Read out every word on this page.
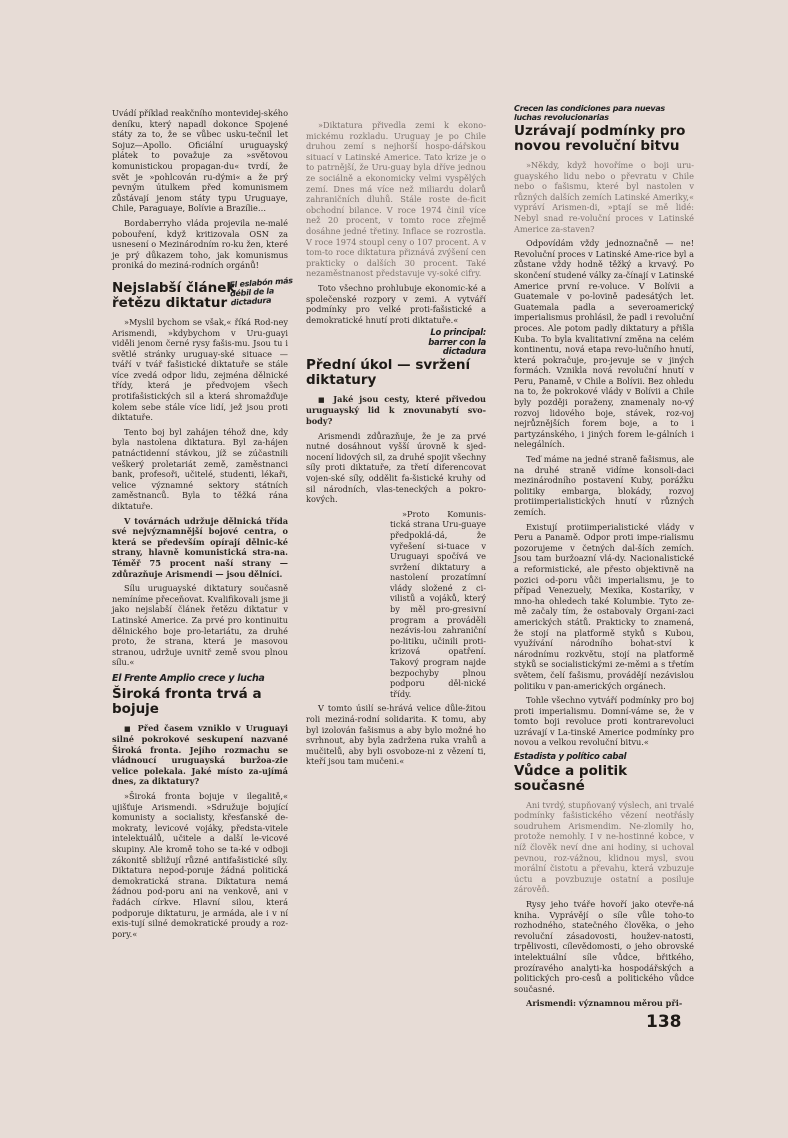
Uvádí příklad reakčního montevidej-ského deníku, který napadl dokonce Spojené státy za to, že se vůbec usku-tečnil let Sojuz—Apollo. Oficiální uruguayský plátek to považuje za »světovou komunistickou propagan-du« tvrdí, že svět je »pohlcován ru-dými« a že prý pevným útulkem před komunismem zůstávají jenom státy typu Uruguaye, Chile, Paraguaye, Bolívie a Brazílie…

Bordaberryho vláda projevila ne-malé pobouření, když kritizovala OSN za usnesení o Mezinárodním ro-ku žen, které je prý důkazem toho, jak komunismus proniká do meziná-rodních orgánů!

Nejslabší článek řetězu diktatur
El eslabón más débil de la dictadura

»Myslil bychom se však,« říká Rod-ney Arismendi, »kdybychom v Uru-guayi viděli jenom černé rysy fašis-mu. Jsou tu i světlé stránky uruguay-ské situace — tváří v tvář fašistické diktatuře se stále více zvedá odpor lidu, zejména dělnické třídy, která je předvojem všech protifašistických sil a která shromažďuje kolem sebe stále více lidí, jež jsou proti diktatuře.

Tento boj byl zahájen téhož dne, kdy byla nastolena diktatura. Byl za-hájen patnáctidenní stávkou, jíž se zúčastnili veškerý proletariát země, zaměstnanci bank, profesoři, učitelé, studenti, lékaři, velice významné sektory státních zaměstnanců. Byla to těžká rána diktatuře.

V továrnách udržuje dělnická třída své nejvýznamnější bojové centra, o která se především opírají dělnic-ké strany, hlavně komunistická stra-na. Téměř 75 procent naší strany — zdůrazňuje Arismendi — jsou dělníci.

Sílu uruguayské diktatury současně nemíníme přeceňovat. Kvalifikovali jsme ji jako nejslabší článek řetězu diktatur v Latinské Americe. Za prvé pro kontinuitu dělnického boje pro-letariátu, za druhé proto, že strana, která je masovou stranou, udržuje uvnitř země svou plnou sílu.«

El Frente Amplio crece y lucha
Široká fronta trvá a bojuje

■ Před časem vzniklo v Uruguayi silné pokrokové seskupení nazvané Široká fronta. Jejího rozmachu se vládnoucí uruguayská buržoa-zie velice polekala. Jaké místo za-ujímá dnes, za diktatury?

»Široká fronta bojuje v ilegalitě,« ujišťuje Arismendi. »Sdružuje bojující komunisty a socialisty, křesťanské de-mokraty, levicové vojáky, předsta-vitele intelektuálů, učitele a další le-vicové skupiny. Ale kromě toho se ta-ké v odboji zákonitě sbližují různé antifašistické síly. Diktatura nepod-poruje žádná politická demokratická strana. Diktatura nemá žádnou pod-poru ani na venkově, ani v řadách církve. Hlavní silou, která podporuje diktaturu, je armáda, ale i v ní exis-tují silné demokratické proudy a roz-pory.«

»Diktatura přivedla zemi k ekono-mickému rozkladu. Uruguay je po Chile druhou zemí s nejhorší hospo-dářskou situací v Latinské Americe. Tato krize je o to patrnější, že Uru-guay byla dříve jednou ze sociálně a ekonomicky velmi vyspělých zemí. Dnes má více než miliardu dolarů zahraničních dluhů. Stále roste de-ficit obchodní bilance. V roce 1974 činil více než 20 procent, v tomto roce zřejmě dosáhne jedné třetiny. Inflace se rozrostla. V roce 1974 stoupl ceny o 107 procent. A v tom-to roce diktatura přiznává zvýšení cen prakticky o dalších 30 procent. Také nezaměstnanost představuje vy-soké cifry.

Toto všechno prohlubuje ekonomic-ké a společenské rozpory v zemi. A vytváří podmínky pro velké proti-fašistické a demokratické hnutí proti diktatuře.«

Lo principal: barrer con la dictadura
Přední úkol — svržení diktatury

■ Jaké jsou cesty, které přivedou uruguayský lid k znovunabytí svo-body?

Arismendi zdůrazňuje, že je za prvé nutné dosáhnout vyšší úrovně k sjed-nocení lidových sil, za druhé spojit všechny síly proti diktatuře, za třetí diferencovat vojen-ské síly, oddělit fa-šistické kruhy od sil národních, vlas-teneckých a pokro-kových.

»Proto Komunis-tická strana Uru-guaye předpoklá-dá, že vyřešení si-tuace v Uruguayi spočívá ve svržení diktatury a nastolení prozatímní vlády složené z ci-vilistů a vojáků, který by měl pro-gresivní program a prováděli nezávis-lou zahraniční po-litiku, učinili proti-krizová opatření. Takový program najde bezpochyby plnou podporu děl-nické třídy.

V tomto úsilí se-hrává velice důle-žitou roli meziná-rodní solidarita. K tomu, aby byl izolován fašismus a aby bylo možné ho svrhnout, aby byla zadržena ruka vrahů a mučitelů, aby byli osvoboze-ni z vězení ti, kteří jsou tam mučeni.«

Crecen las condiciones para nuevas luchas revolucionarias
Uzrávají podmínky pro novou revoluční bitvu

»Někdy, když hovoříme o boji uru-guayského lidu nebo o převratu v Chile nebo o fašismu, které byl nastolen v různých dalších zemích Latinské Ameriky,« vypráví Arismen-di, »ptají se mě lidé: Nebyl snad re-voluční proces v Latinské Americe za-staven?

Odpovídám vždy jednoznačně — ne! Revoluční proces v Latinské Ame-rice byl a zůstane vždy hodně těžký a krvavý. Po skončení studené války za-čínají v Latinské Americe první re-voluce. V Bolívii a Guatemale v po-lovině padesátých let. Guatemala padla a severoamerický imperialismus prohlásil, že padl i revoluční proces. Ale potom padly diktatury a přišla Kuba. To byla kvalitativní změna na celém kontinentu, nová etapa revo-lučního hnutí, která pokračuje, pro-jevuje se v jiných formách. Vznikla nová revoluční hnutí v Peru, Panamě, v Chile a Bolívii. Bez ohledu na to, že pokrokové vlády v Bolívii a Chile byly později poraženy, znamenaly no-vý rozvoj lidového boje, stávek, roz-voj nejrůznějších forem boje, a to i partyzánského, i jiných forem le-gálních i nelegálních.

Teď máme na jedné straně fašismus, ale na druhé straně vidíme konsoli-daci mezinárodního postavení Kuby, porážku politiky embarga, blokády, rozvoj protiimperialistických hnutí v různých zemích.

Existují protiimperialistické vlády v Peru a Panamě. Odpor proti impe-rialismu pozorujeme v četných dal-ších zemích. Jsou tam buržoazní vlá-dy. Nacionalistické a reformistické, ale přesto objektivně na pozici od-poru vůči imperialismu, je to případ Venezuely, Mexika, Kostariky, v mno-ha ohledech také Kolumbie. Tyto ze-mě začaly tím, že ostabovaly Organi-zaci amerických států. Prakticky to znamená, že stojí na platformě styků s Kubou, využívání národního bohat-ství k národnímu rozkvětu, stojí na platformě styků se socialistickými ze-měmi a s třetím světem, čelí fašismu, provádějí nezávislou politiku v pan-amerických orgánech.

Tohle všechno vytváří podmínky pro boj proti imperialismu. Domní-váme se, že v tomto boji revoluce proti kontrarevoluci uzrávají v La-tinské Americe podmínky pro novou a velkou revoluční bitvu.«

Estadista y político cabal
Vůdce a politik současné

Ani tvrdý, stupňovaný výslech, ani trvalé podmínky fašistického vězení neotřásly soudruhem Arismendim. Ne-zlomily ho, protože nemohly. I v ne-hostinné kobce, v níž člověk neví dne ani hodiny, si uchoval pevnou, roz-vážnou, klidnou mysl, svou morální čistotu a převahu, která vzbuzuje úctu a povzbuzuje ostatní a posiluje zárověň.

Rysy jeho tváře hovoří jako otevře-ná kniha. Vyprávějí o síle vůle toho-to rozhodného, statečného člověka, o jeho revoluční zásadovosti, houžev-natosti, trpělivosti, cílevědomosti, o jeho obrovské intelektuální síle vůdce, břitkého, prozíravého analyti-ka hospodářských a politických pro-cesů a politického vůdce současné.

Arismendi: významnou měrou při-

138
